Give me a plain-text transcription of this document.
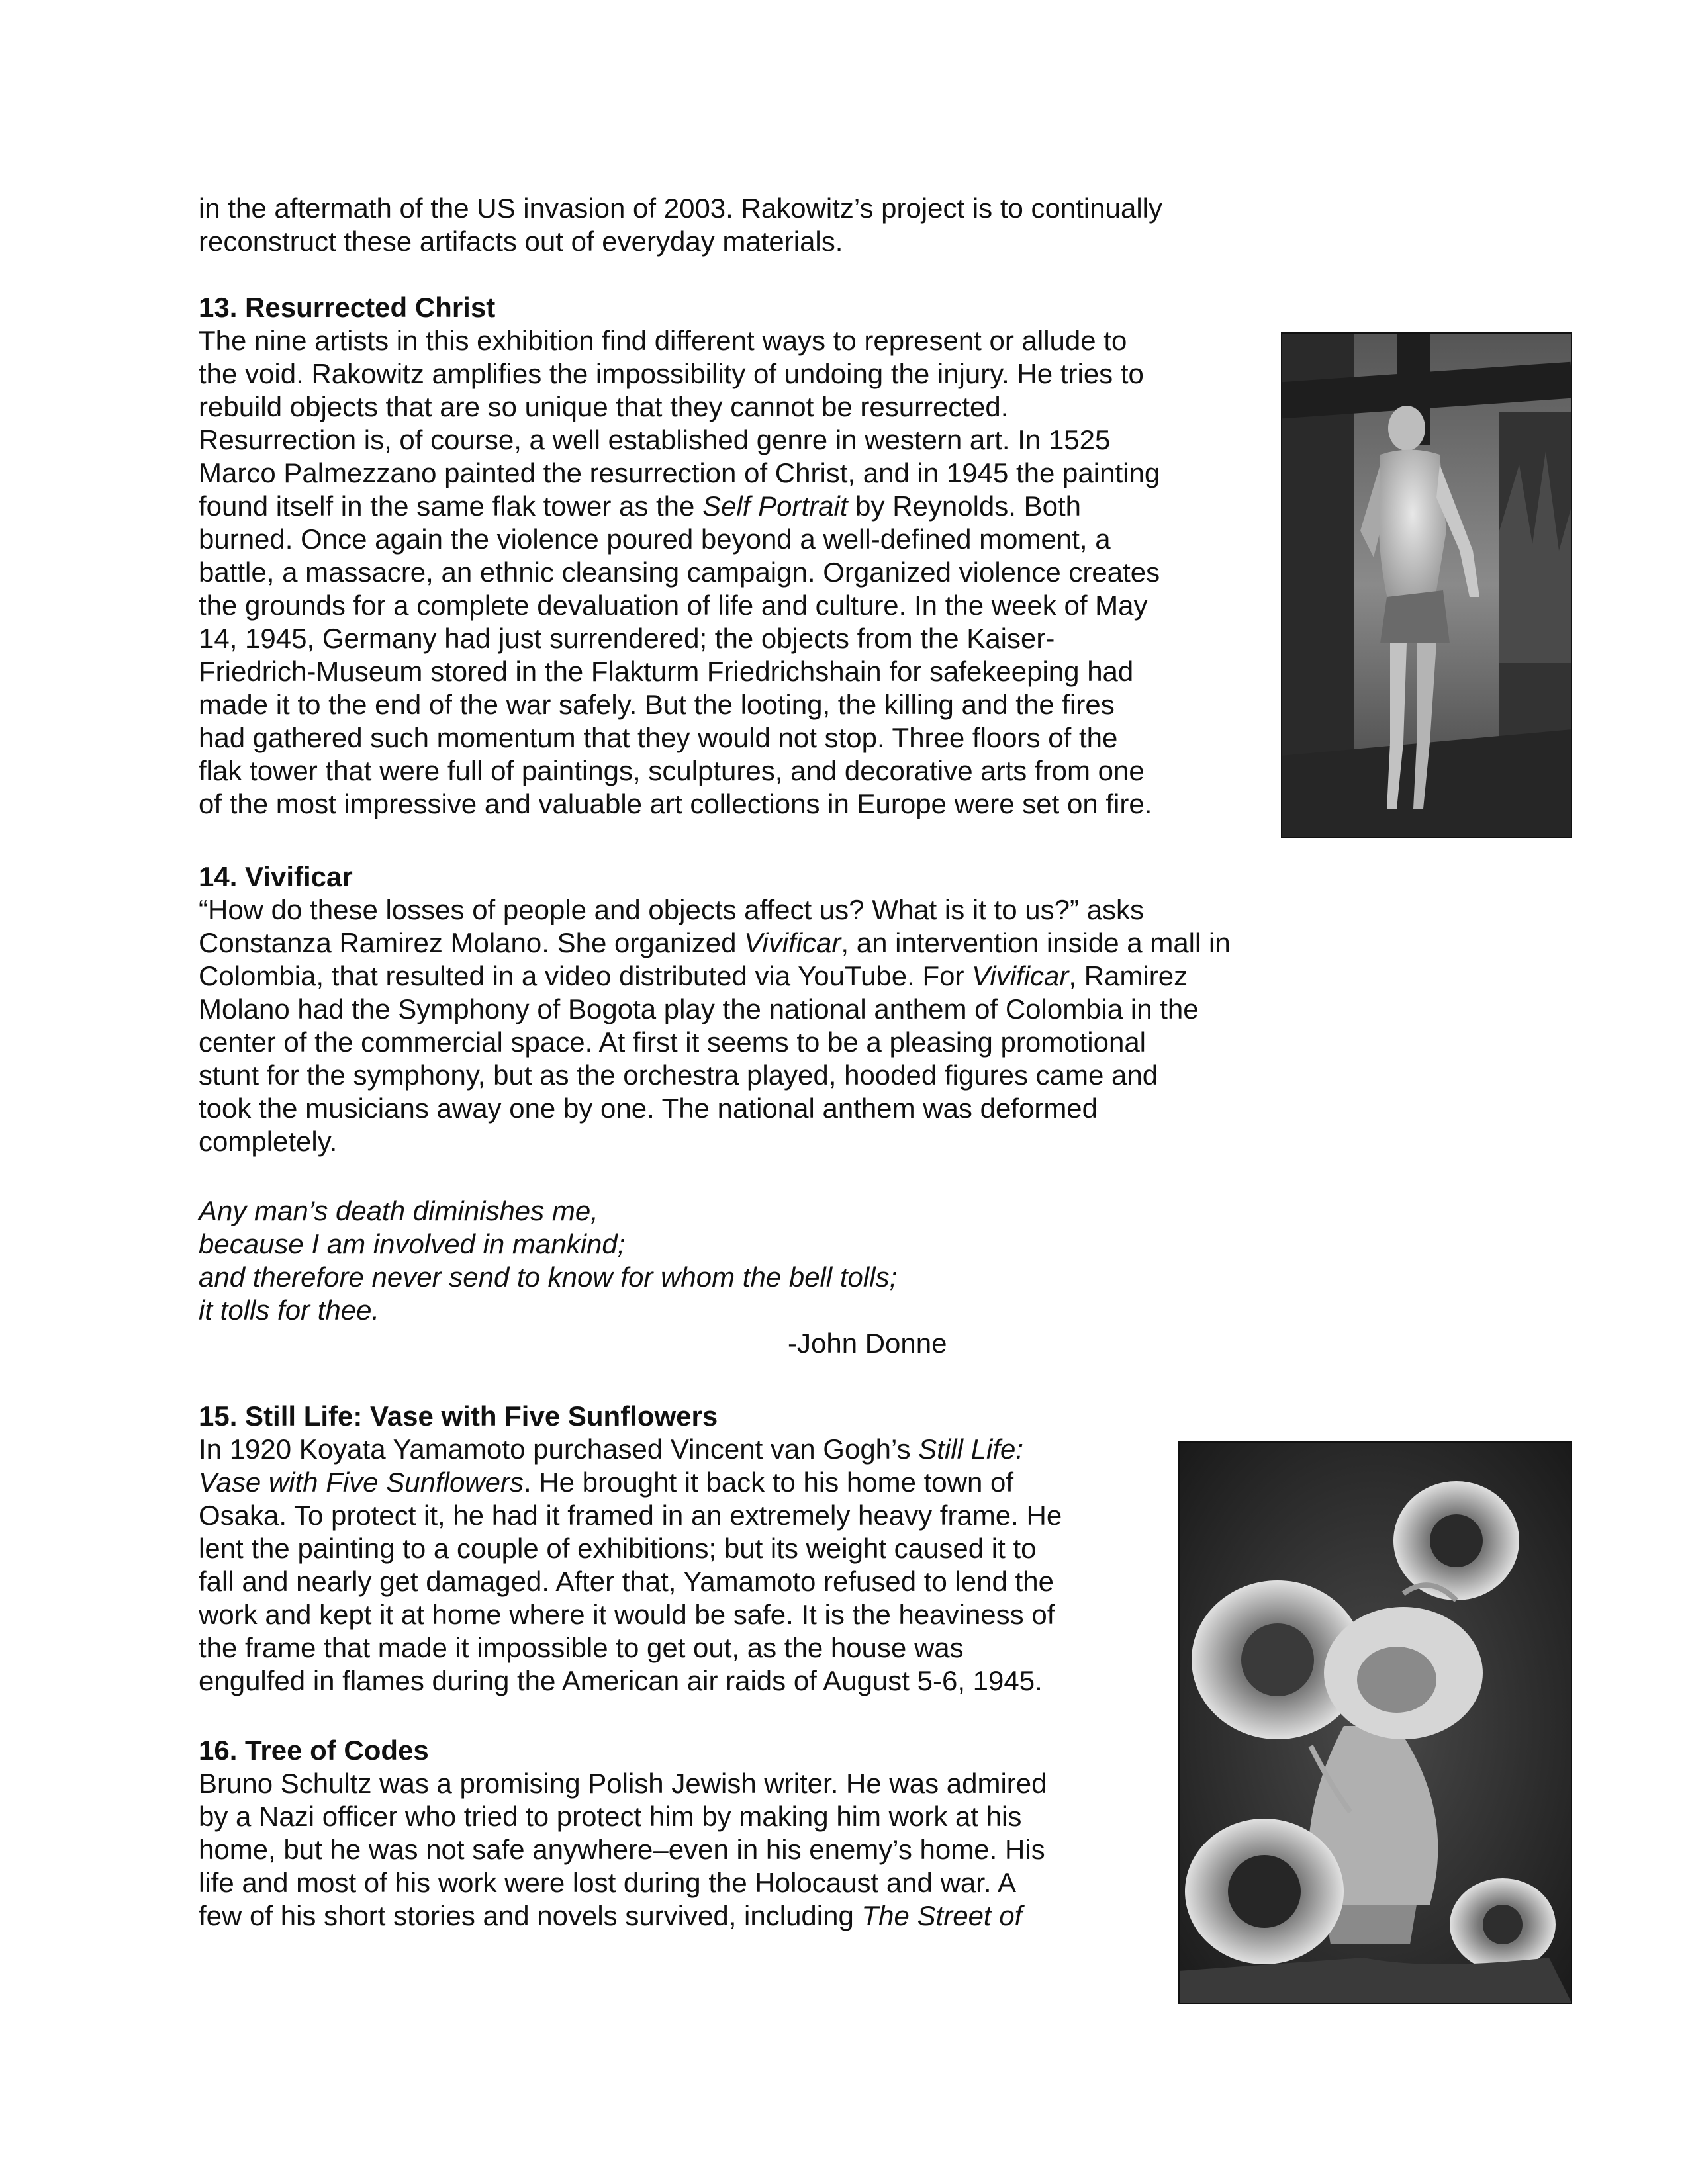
in the aftermath of the US invasion of 2003. Rakowitz’s project is to continually
reconstruct these artifacts out of everyday materials.
13. Resurrected Christ
The nine artists in this exhibition find different ways to represent or allude to
the void. Rakowitz amplifies the impossibility of undoing the injury. He tries to
rebuild objects that are so unique that they cannot be resurrected.
Resurrection is, of course, a well established genre in western art. In 1525
Marco Palmezzano painted the resurrection of Christ, and in 1945 the painting
found itself in the same flak tower as the Self Portrait by Reynolds. Both
burned. Once again the violence poured beyond a well-defined moment, a
battle, a massacre, an ethnic cleansing campaign. Organized violence creates
the grounds for a complete devaluation of life and culture. In the week of May
14, 1945, Germany had just surrendered; the objects from the Kaiser-
Friedrich-Museum stored in the Flakturm Friedrichshain for safekeeping had
made it to the end of the war safely. But the looting, the killing and the fires
had gathered such momentum that they would not stop. Three floors of the
flak tower that were full of paintings, sculptures, and decorative arts from one
of the most impressive and valuable art collections in Europe were set on fire.
14. Vivificar
“How do these losses of people and objects affect us? What is it to us?” asks
Constanza Ramirez Molano. She organized Vivificar, an intervention inside a mall in
Colombia, that resulted in a video distributed via YouTube. For Vivificar, Ramirez
Molano had the Symphony of Bogota play the national anthem of Colombia in the
center of the commercial space. At first it seems to be a pleasing promotional
stunt for the symphony, but as the orchestra played, hooded figures came and
took the musicians away one by one. The national anthem was deformed
completely.
Any man’s death diminishes me,
because I am involved in mankind;
and therefore never send to know for whom the bell tolls;
it tolls for thee.
-John Donne
15. Still Life: Vase with Five Sunflowers
In 1920 Koyata Yamamoto purchased Vincent van Gogh’s Still Life:
Vase with Five Sunflowers. He brought it back to his home town of
Osaka. To protect it, he had it framed in an extremely heavy frame. He
lent the painting to a couple of exhibitions; but its weight caused it to
fall and nearly get damaged. After that, Yamamoto refused to lend the
work and kept it at home where it would be safe. It is the heaviness of
the frame that made it impossible to get out, as the house was
engulfed in flames during the American air raids of August 5-6, 1945.
16. Tree of Codes
Bruno Schultz was a promising Polish Jewish writer. He was admired
by a Nazi officer who tried to protect him by making him work at his
home, but he was not safe anywhere–even in his enemy’s home. His
life and most of his work were lost during the Holocaust and war. A
few of his short stories and novels survived, including The Street of
